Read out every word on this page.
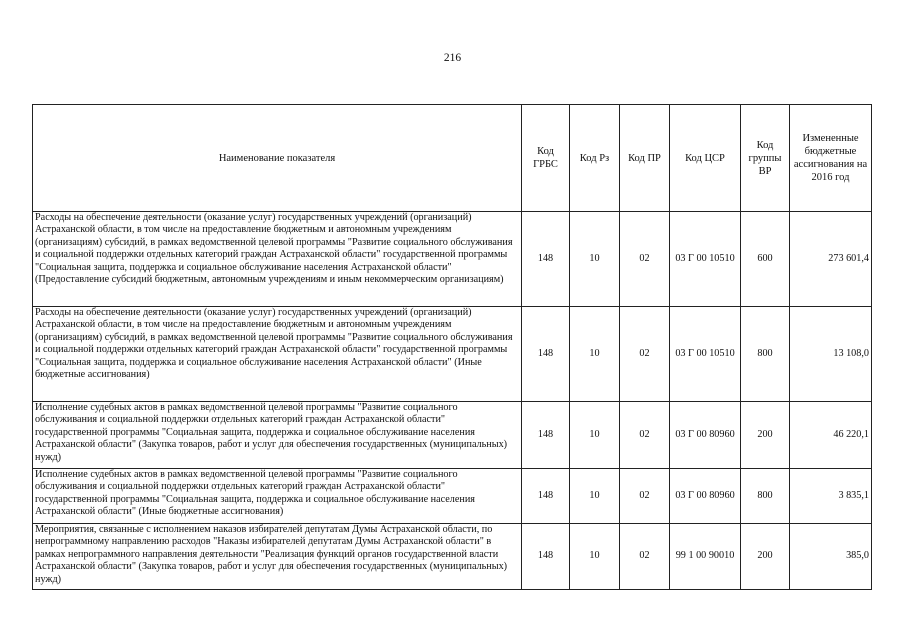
216
Наименование показателя	Код ГРБС	Код Рз	Код ПР	Код ЦСР	Код группы ВР	Измененные бюджетные ассигнования на 2016 год
Расходы на обеспечение деятельности (оказание услуг) государственных учреждений (организаций) Астраханской области, в том числе на предоставление бюджетным и автономным учреждениям (организациям) субсидий, в рамках ведомственной целевой программы "Развитие социального обслуживания и социальной поддержки отдельных категорий граждан Астраханской области" государственной программы "Социальная защита, поддержка и социальное обслуживание населения Астраханской области" (Предоставление субсидий бюджетным, автономным учреждениям и иным некоммерческим организациям)	148	10	02	03 Г 00 10510	600	273 601,4
Расходы на обеспечение деятельности (оказание услуг) государственных учреждений (организаций) Астраханской области, в том числе на предоставление бюджетным и автономным учреждениям (организациям) субсидий, в рамках ведомственной целевой программы "Развитие социального обслуживания и социальной поддержки отдельных категорий граждан Астраханской области" государственной программы "Социальная защита, поддержка и социальное обслуживание населения Астраханской области" (Иные бюджетные ассигнования)	148	10	02	03 Г 00 10510	800	13 108,0
Исполнение судебных актов в рамках ведомственной целевой программы "Развитие социального обслуживания и социальной поддержки отдельных категорий граждан Астраханской области" государственной программы "Социальная защита, поддержка и социальное обслуживание населения Астраханской области" (Закупка товаров, работ и услуг для обеспечения государственных (муниципальных) нужд)	148	10	02	03 Г 00 80960	200	46 220,1
Исполнение судебных актов в рамках ведомственной целевой программы "Развитие социального обслуживания и социальной поддержки отдельных категорий граждан Астраханской области" государственной программы "Социальная защита, поддержка и социальное обслуживание населения Астраханской области" (Иные бюджетные ассигнования)	148	10	02	03 Г 00 80960	800	3 835,1
Мероприятия, связанные с исполнением наказов избирателей депутатам Думы Астраханской области, по непрограммному направлению расходов "Наказы избирателей депутатам Думы Астраханской области" в рамках непрограммного направления деятельности "Реализация функций органов государственной власти Астраханской области" (Закупка товаров, работ и услуг для обеспечения государственных (муниципальных) нужд)	148	10	02	99 1 00 90010	200	385,0
